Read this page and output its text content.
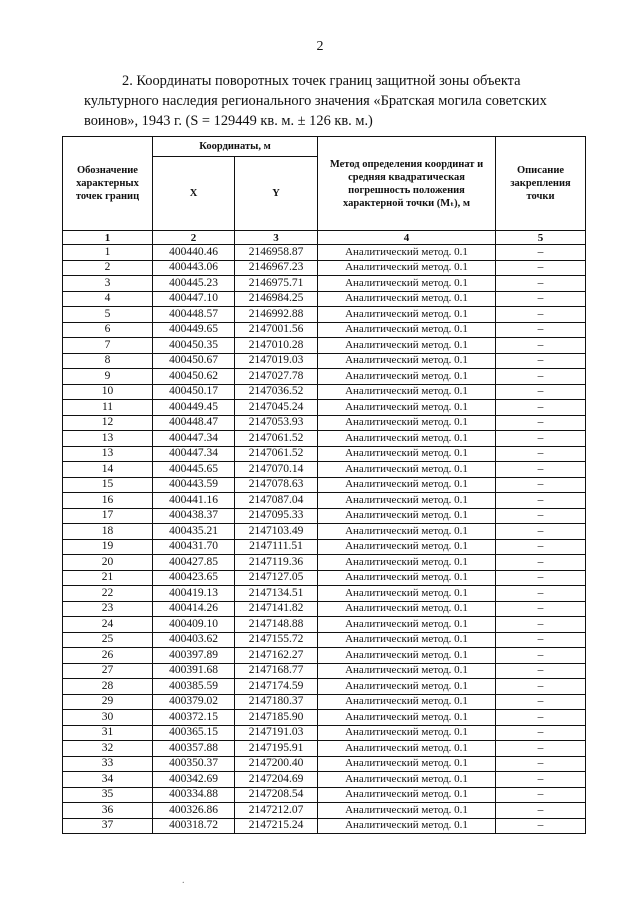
2

2. Координаты поворотных точек границ защитной зоны объекта

культурного наследия регионального значения «Братская могила советских

воинов», 1943 г. (S = 129449 кв. м. ± 126 кв. м.)

Обозначение характерных точек границ	Координаты, м		Метод определения координат и средняя квадратическая погрешность положения характерной точки (Mₜ), м	Описание закрепления точки
	X	Y		
1	2	3	4	5
1	400440.46	2146958.87	Аналитический метод. 0.1	–
2	400443.06	2146967.23	Аналитический метод. 0.1	–
3	400445.23	2146975.71	Аналитический метод. 0.1	–
4	400447.10	2146984.25	Аналитический метод. 0.1	–
5	400448.57	2146992.88	Аналитический метод. 0.1	–
6	400449.65	2147001.56	Аналитический метод. 0.1	–
7	400450.35	2147010.28	Аналитический метод. 0.1	–
8	400450.67	2147019.03	Аналитический метод. 0.1	–
9	400450.62	2147027.78	Аналитический метод. 0.1	–
10	400450.17	2147036.52	Аналитический метод. 0.1	–
11	400449.45	2147045.24	Аналитический метод. 0.1	–
12	400448.47	2147053.93	Аналитический метод. 0.1	–
13	400447.34	2147061.52	Аналитический метод. 0.1	–
13	400447.34	2147061.52	Аналитический метод. 0.1	–
14	400445.65	2147070.14	Аналитический метод. 0.1	–
15	400443.59	2147078.63	Аналитический метод. 0.1	–
16	400441.16	2147087.04	Аналитический метод. 0.1	–
17	400438.37	2147095.33	Аналитический метод. 0.1	–
18	400435.21	2147103.49	Аналитический метод. 0.1	–
19	400431.70	2147111.51	Аналитический метод. 0.1	–
20	400427.85	2147119.36	Аналитический метод. 0.1	–
21	400423.65	2147127.05	Аналитический метод. 0.1	–
22	400419.13	2147134.51	Аналитический метод. 0.1	–
23	400414.26	2147141.82	Аналитический метод. 0.1	–
24	400409.10	2147148.88	Аналитический метод. 0.1	–
25	400403.62	2147155.72	Аналитический метод. 0.1	–
26	400397.89	2147162.27	Аналитический метод. 0.1	–
27	400391.68	2147168.77	Аналитический метод. 0.1	–
28	400385.59	2147174.59	Аналитический метод. 0.1	–
29	400379.02	2147180.37	Аналитический метод. 0.1	–
30	400372.15	2147185.90	Аналитический метод. 0.1	–
31	400365.15	2147191.03	Аналитический метод. 0.1	–
32	400357.88	2147195.91	Аналитический метод. 0.1	–
33	400350.37	2147200.40	Аналитический метод. 0.1	–
34	400342.69	2147204.69	Аналитический метод. 0.1	–
35	400334.88	2147208.54	Аналитический метод. 0.1	–
36	400326.86	2147212.07	Аналитический метод. 0.1	–
37	400318.72	2147215.24	Аналитический метод. 0.1	–
.
